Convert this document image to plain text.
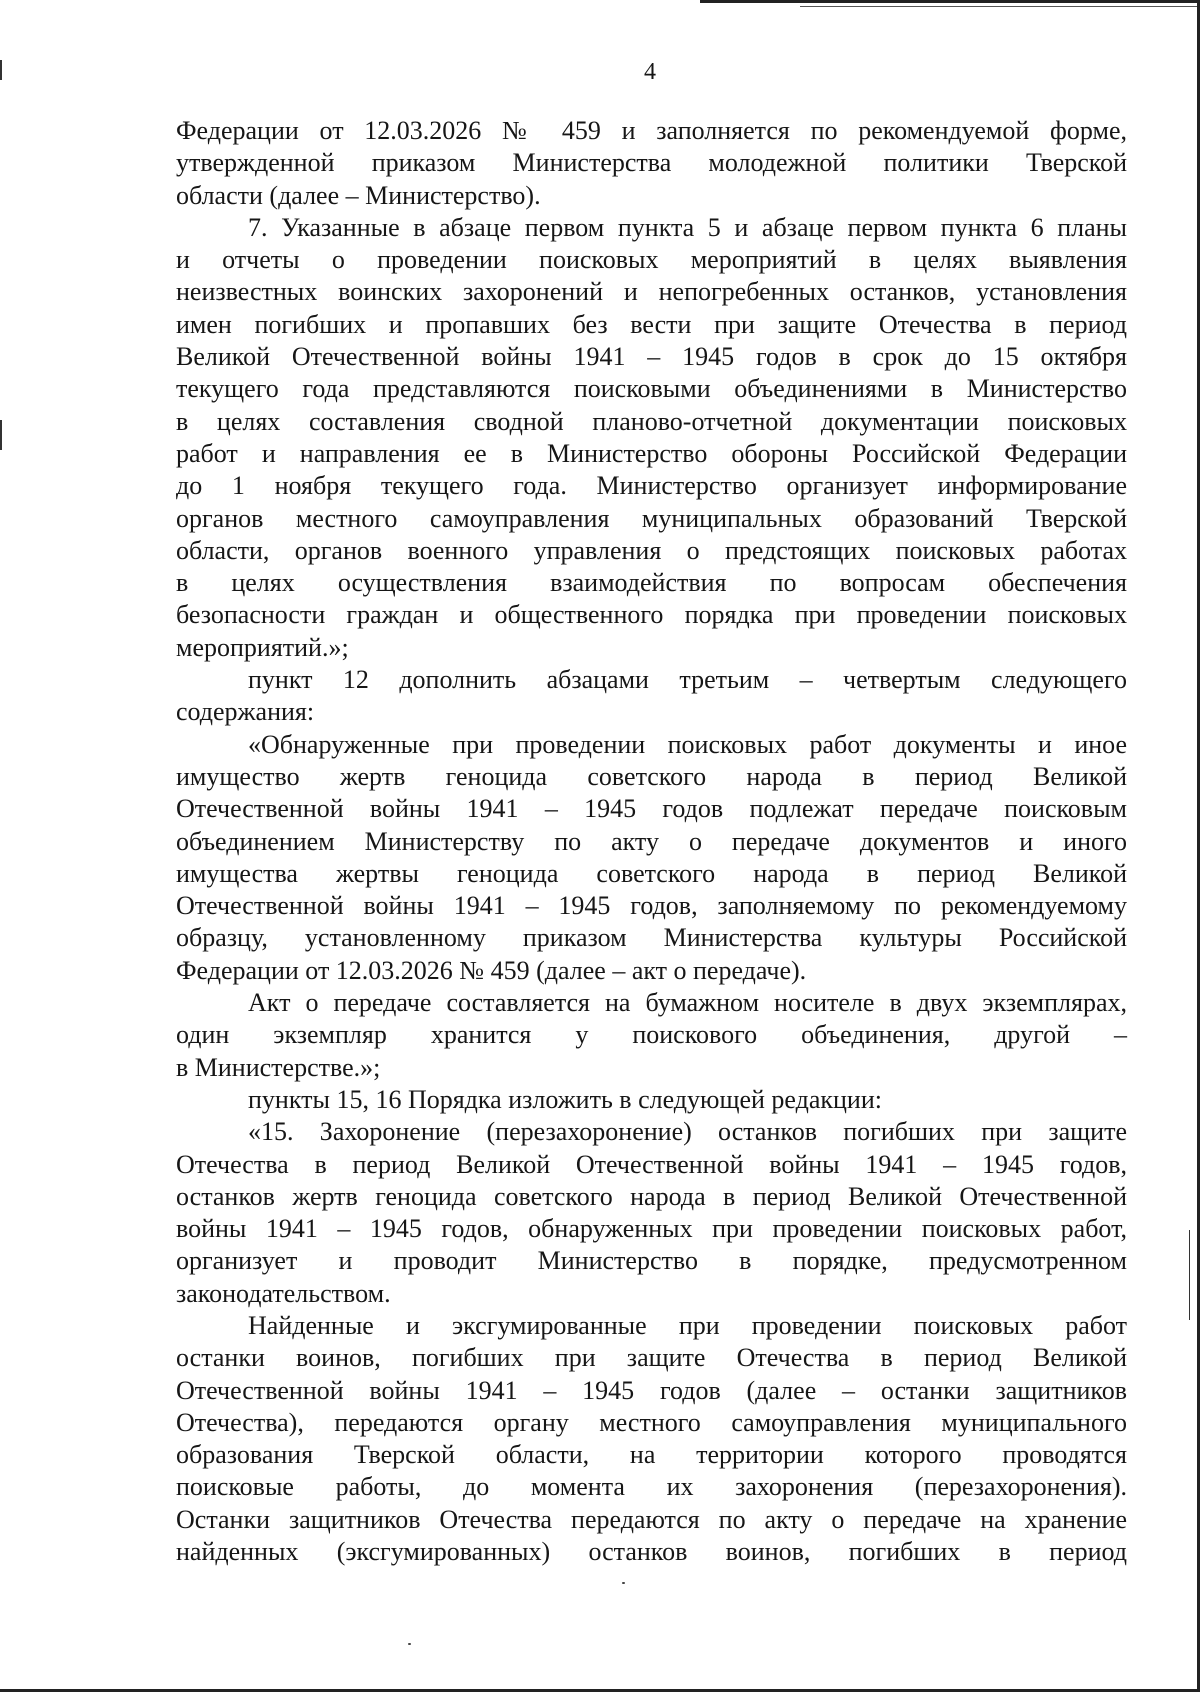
4

Федерации от 12.03.2026 № 459 и заполняется по рекомендуемой форме,
утвержденной приказом Министерства молодежной политики Тверской
области (далее – Министерство).

7. Указанные в абзаце первом пункта 5 и абзаце первом пункта 6 планы
и отчеты о проведении поисковых мероприятий в целях выявления
неизвестных воинских захоронений и непогребенных останков, установления
имен погибших и пропавших без вести при защите Отечества в период
Великой Отечественной войны 1941 – 1945 годов в срок до 15 октября
текущего года представляются поисковыми объединениями в Министерство
в целях составления сводной планово-отчетной документации поисковых
работ и направления ее в Министерство обороны Российской Федерации
до 1 ноября текущего года. Министерство организует информирование
органов местного самоуправления муниципальных образований Тверской
области, органов военного управления о предстоящих поисковых работах
в целях осуществления взаимодействия по вопросам обеспечения
безопасности граждан и общественного порядка при проведении поисковых
мероприятий.»;

пункт 12 дополнить абзацами третьим – четвертым следующего
содержания:

«Обнаруженные при проведении поисковых работ документы и иное
имущество жертв геноцида советского народа в период Великой
Отечественной войны 1941 – 1945 годов подлежат передаче поисковым
объединением Министерству по акту о передаче документов и иного
имущества жертвы геноцида советского народа в период Великой
Отечественной войны 1941 – 1945 годов, заполняемому по рекомендуемому
образцу, установленному приказом Министерства культуры Российской
Федерации от 12.03.2026 № 459 (далее – акт о передаче).

Акт о передаче составляется на бумажном носителе в двух экземплярах,
один экземпляр хранится у поискового объединения, другой –
в Министерстве.»;

пункты 15, 16 Порядка изложить в следующей редакции:

«15. Захоронение (перезахоронение) останков погибших при защите
Отечества в период Великой Отечественной войны 1941 – 1945 годов,
останков жертв геноцида советского народа в период Великой Отечественной
войны 1941 – 1945 годов, обнаруженных при проведении поисковых работ,
организует и проводит Министерство в порядке, предусмотренном
законодательством.

Найденные и эксгумированные при проведении поисковых работ
останки воинов, погибших при защите Отечества в период Великой
Отечественной войны 1941 – 1945 годов (далее – останки защитников
Отечества), передаются органу местного самоуправления муниципального
образования Тверской области, на территории которого проводятся
поисковые работы, до момента их захоронения (перезахоронения).
Останки защитников Отечества передаются по акту о передаче на хранение
найденных (эксгумированных) останков воинов, погибших в период
